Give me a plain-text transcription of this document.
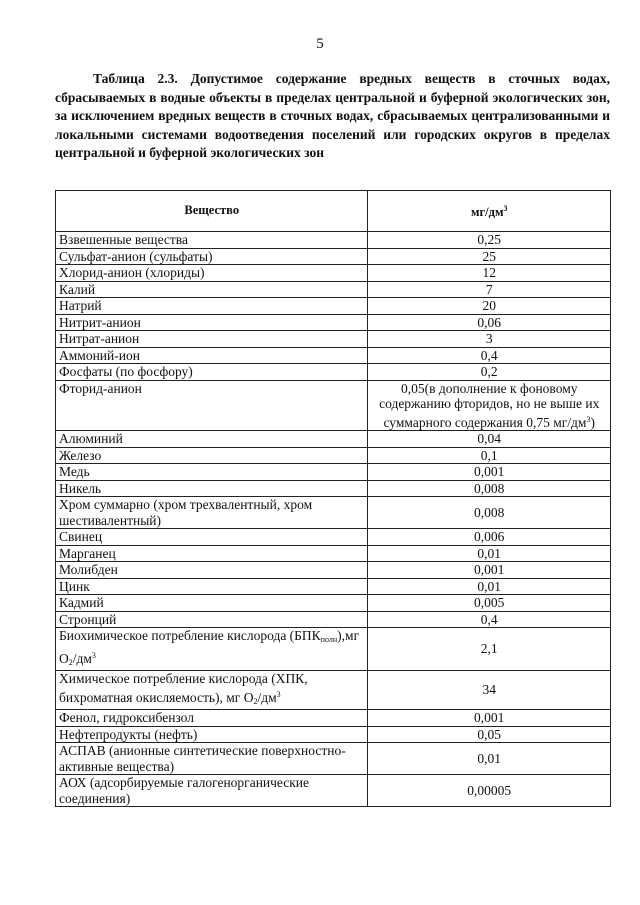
5
Таблица 2.3. Допустимое содержание вредных веществ в сточных водах, сбрасываемых в водные объекты в пределах центральной и буферной экологических зон, за исключением вредных веществ в сточных водах, сбрасываемых централизованными и локальными системами водоотведения поселений или городских округов в пределах центральной и буферной экологических зон
Вещество	$мг/дм^3$
Взвешенные вещества	0,25
Сульфат-анион (сульфаты)	25
Хлорид-анион (хлориды)	12
Калий	7
Натрий	20
Нитрит-анион	0,06
Нитрат-анион	3
Аммоний-ион	0,4
Фосфаты (по фосфору)	0,2
Фторид-анион	0,05(в дополнение к фоновому содержанию фторидов, но не выше их суммарного содержания 0,75 $мг/дм^3$)
Алюминий	0,04
Железо	0,1
Медь	0,001
Никель	0,008
Хром суммарно (хром трехвалентный, хром шестивалентный)	0,008
Свинец	0,006
Марганец	0,01
Молибден	0,001
Цинк	0,01
Кадмий	0,005
Стронций	0,4
Биохимическое потребление кислорода $(БПК_{полн}),мг$ $O_2/дм^3$	2,1
Химическое потребление кислорода (ХПК, бихроматная окисляемость), мг $O_2/дм^3$	34
Фенол, гидроксибензол	0,001
Нефтепродукты (нефть)	0,05
АСПАВ (анионные синтетические поверхностно-активные вещества)	0,01
АОХ (адсорбируемые галогенорганические соединения)	0,00005
